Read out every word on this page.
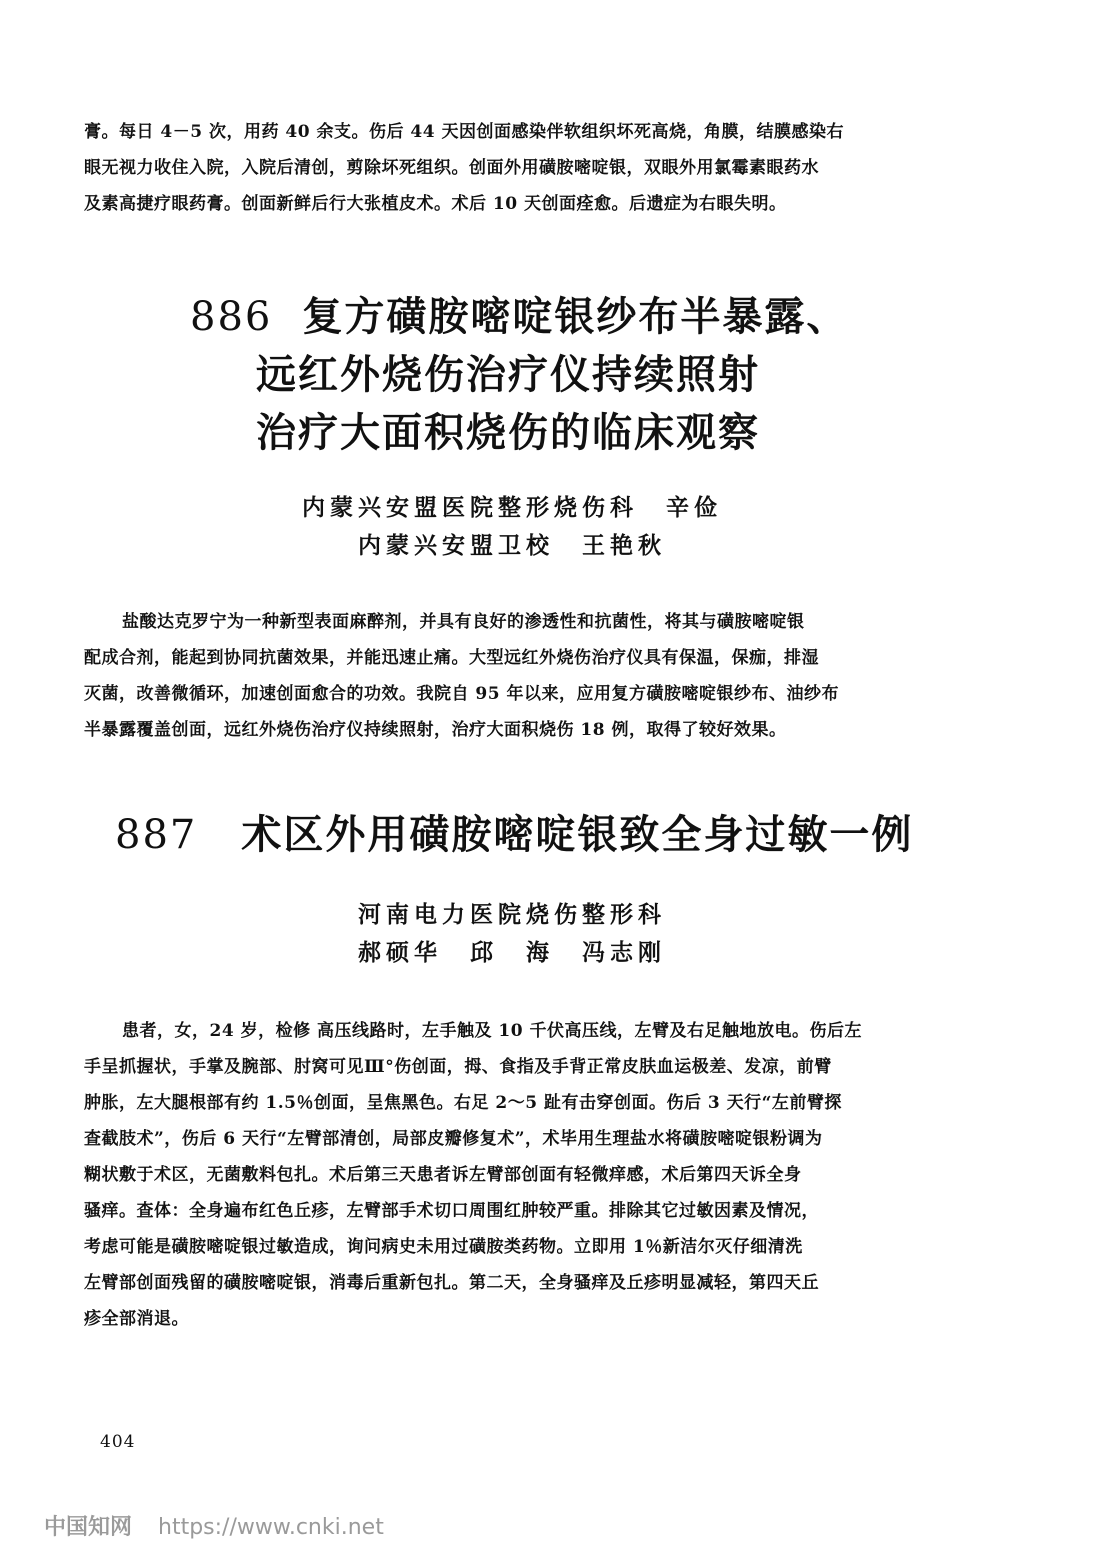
膏。每日 4－5 次，用药 40 余支。伤后 44 天因创面感染伴软组织坏死高烧，角膜，结膜感染右
眼无视力收住入院，入院后清创，剪除坏死组织。创面外用磺胺嘧啶银，双眼外用氯霉素眼药水
及素高捷疗眼药膏。创面新鲜后行大张植皮术。术后 10 天创面痊愈。后遗症为右眼失明。
886 复方磺胺嘧啶银纱布半暴露、
远红外烧伤治疗仪持续照射
治疗大面积烧伤的临床观察
内蒙兴安盟医院整形烧伤科　辛俭
内蒙兴安盟卫校　王艳秋
盐酸达克罗宁为一种新型表面麻醉剂，并具有良好的渗透性和抗菌性，将其与磺胺嘧啶银
配成合剂，能起到协同抗菌效果，并能迅速止痛。大型远红外烧伤治疗仪具有保温，保痂，排湿
灭菌，改善微循环，加速创面愈合的功效。我院自 95 年以来，应用复方磺胺嘧啶银纱布、油纱布
半暴露覆盖创面，远红外烧伤治疗仪持续照射，治疗大面积烧伤 18 例，取得了较好效果。
887 术区外用磺胺嘧啶银致全身过敏一例
河南电力医院烧伤整形科
郝硕华　邱　海　冯志刚
患者，女，24 岁，检修 高压线路时，左手触及 10 千伏高压线，左臂及右足触地放电。伤后左
手呈抓握状，手掌及腕部、肘窝可见Ⅲ°伤创面，拇、食指及手背正常皮肤血运极差、发凉，前臂
肿胀，左大腿根部有约 1.5％创面，呈焦黑色。右足 2～5 趾有击穿创面。伤后 3 天行“左前臂探
查截肢术”，伤后 6 天行“左臂部清创，局部皮瓣修复术”，术毕用生理盐水将磺胺嘧啶银粉调为
糊状敷于术区，无菌敷料包扎。术后第三天患者诉左臂部创面有轻微痒感，术后第四天诉全身
骚痒。查体：全身遍布红色丘疹，左臂部手术切口周围红肿较严重。排除其它过敏因素及情况，
考虑可能是磺胺嘧啶银过敏造成，询问病史未用过磺胺类药物。立即用 1％新洁尔灭仔细清洗
左臂部创面残留的磺胺嘧啶银，消毒后重新包扎。第二天，全身骚痒及丘疹明显减轻，第四天丘
疹全部消退。
404
中国知网 https://www.cnki.net
